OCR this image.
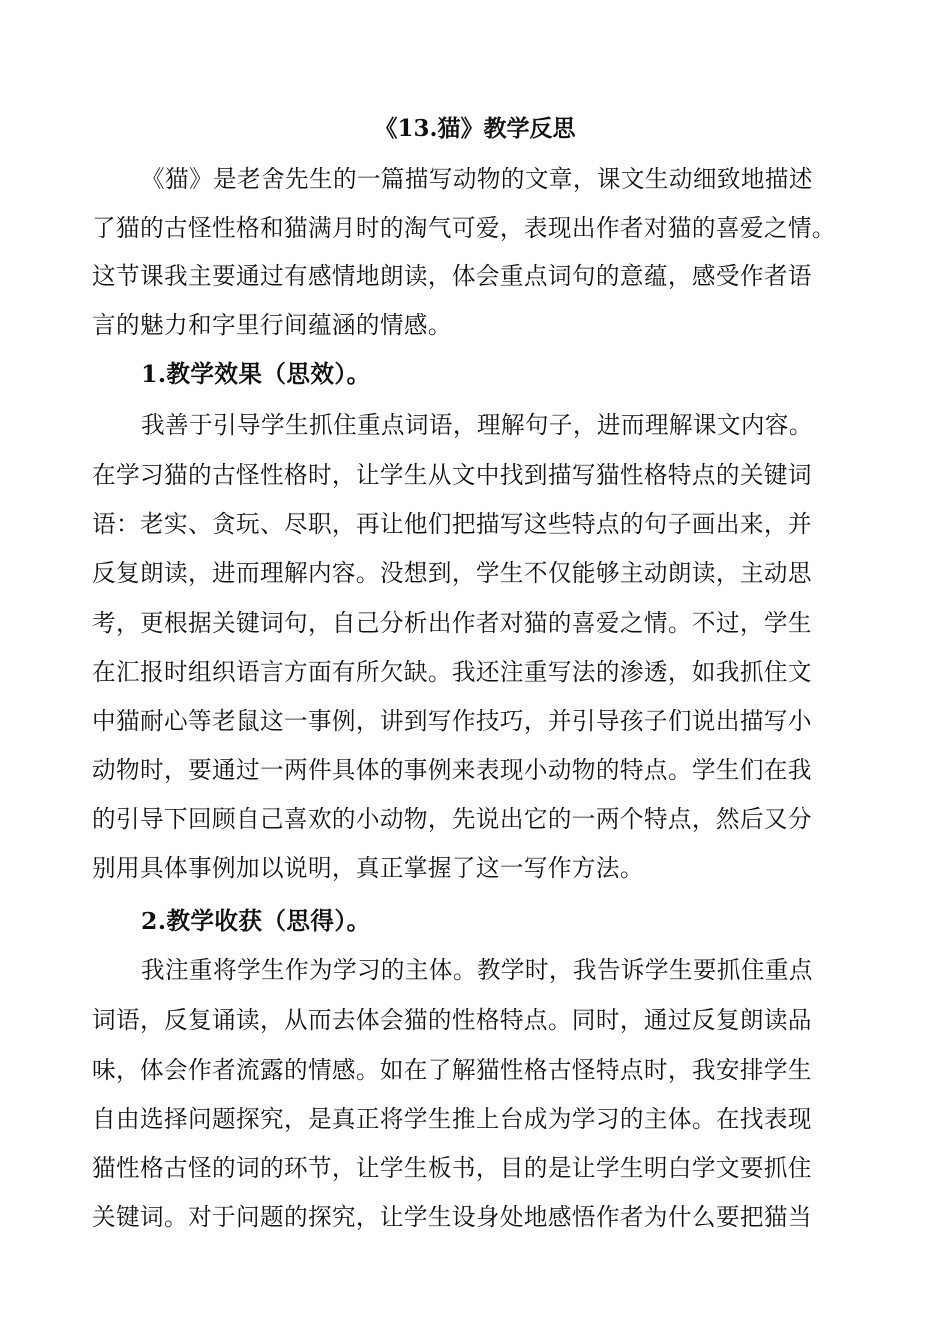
《13.猫》教学反思
《猫》是老舍先生的一篇描写动物的文章，课文生动细致地描述
了猫的古怪性格和猫满月时的淘气可爱，表现出作者对猫的喜爱之情。
这节课我主要通过有感情地朗读，体会重点词句的意蕴，感受作者语
言的魅力和字里行间蕴涵的情感。
1.教学效果（思效）。
我善于引导学生抓住重点词语，理解句子，进而理解课文内容。
在学习猫的古怪性格时，让学生从文中找到描写猫性格特点的关键词
语：老实、贪玩、尽职，再让他们把描写这些特点的句子画出来，并
反复朗读，进而理解内容。没想到，学生不仅能够主动朗读，主动思
考，更根据关键词句，自己分析出作者对猫的喜爱之情。不过，学生
在汇报时组织语言方面有所欠缺。我还注重写法的渗透，如我抓住文
中猫耐心等老鼠这一事例，讲到写作技巧，并引导孩子们说出描写小
动物时，要通过一两件具体的事例来表现小动物的特点。学生们在我
的引导下回顾自己喜欢的小动物，先说出它的一两个特点，然后又分
别用具体事例加以说明，真正掌握了这一写作方法。
2.教学收获（思得）。
我注重将学生作为学习的主体。教学时，我告诉学生要抓住重点
词语，反复诵读，从而去体会猫的性格特点。同时，通过反复朗读品
味，体会作者流露的情感。如在了解猫性格古怪特点时，我安排学生
自由选择问题探究，是真正将学生推上台成为学习的主体。在找表现
猫性格古怪的词的环节，让学生板书，目的是让学生明白学文要抓住
关键词。对于问题的探究，让学生设身处地感悟作者为什么要把猫当
